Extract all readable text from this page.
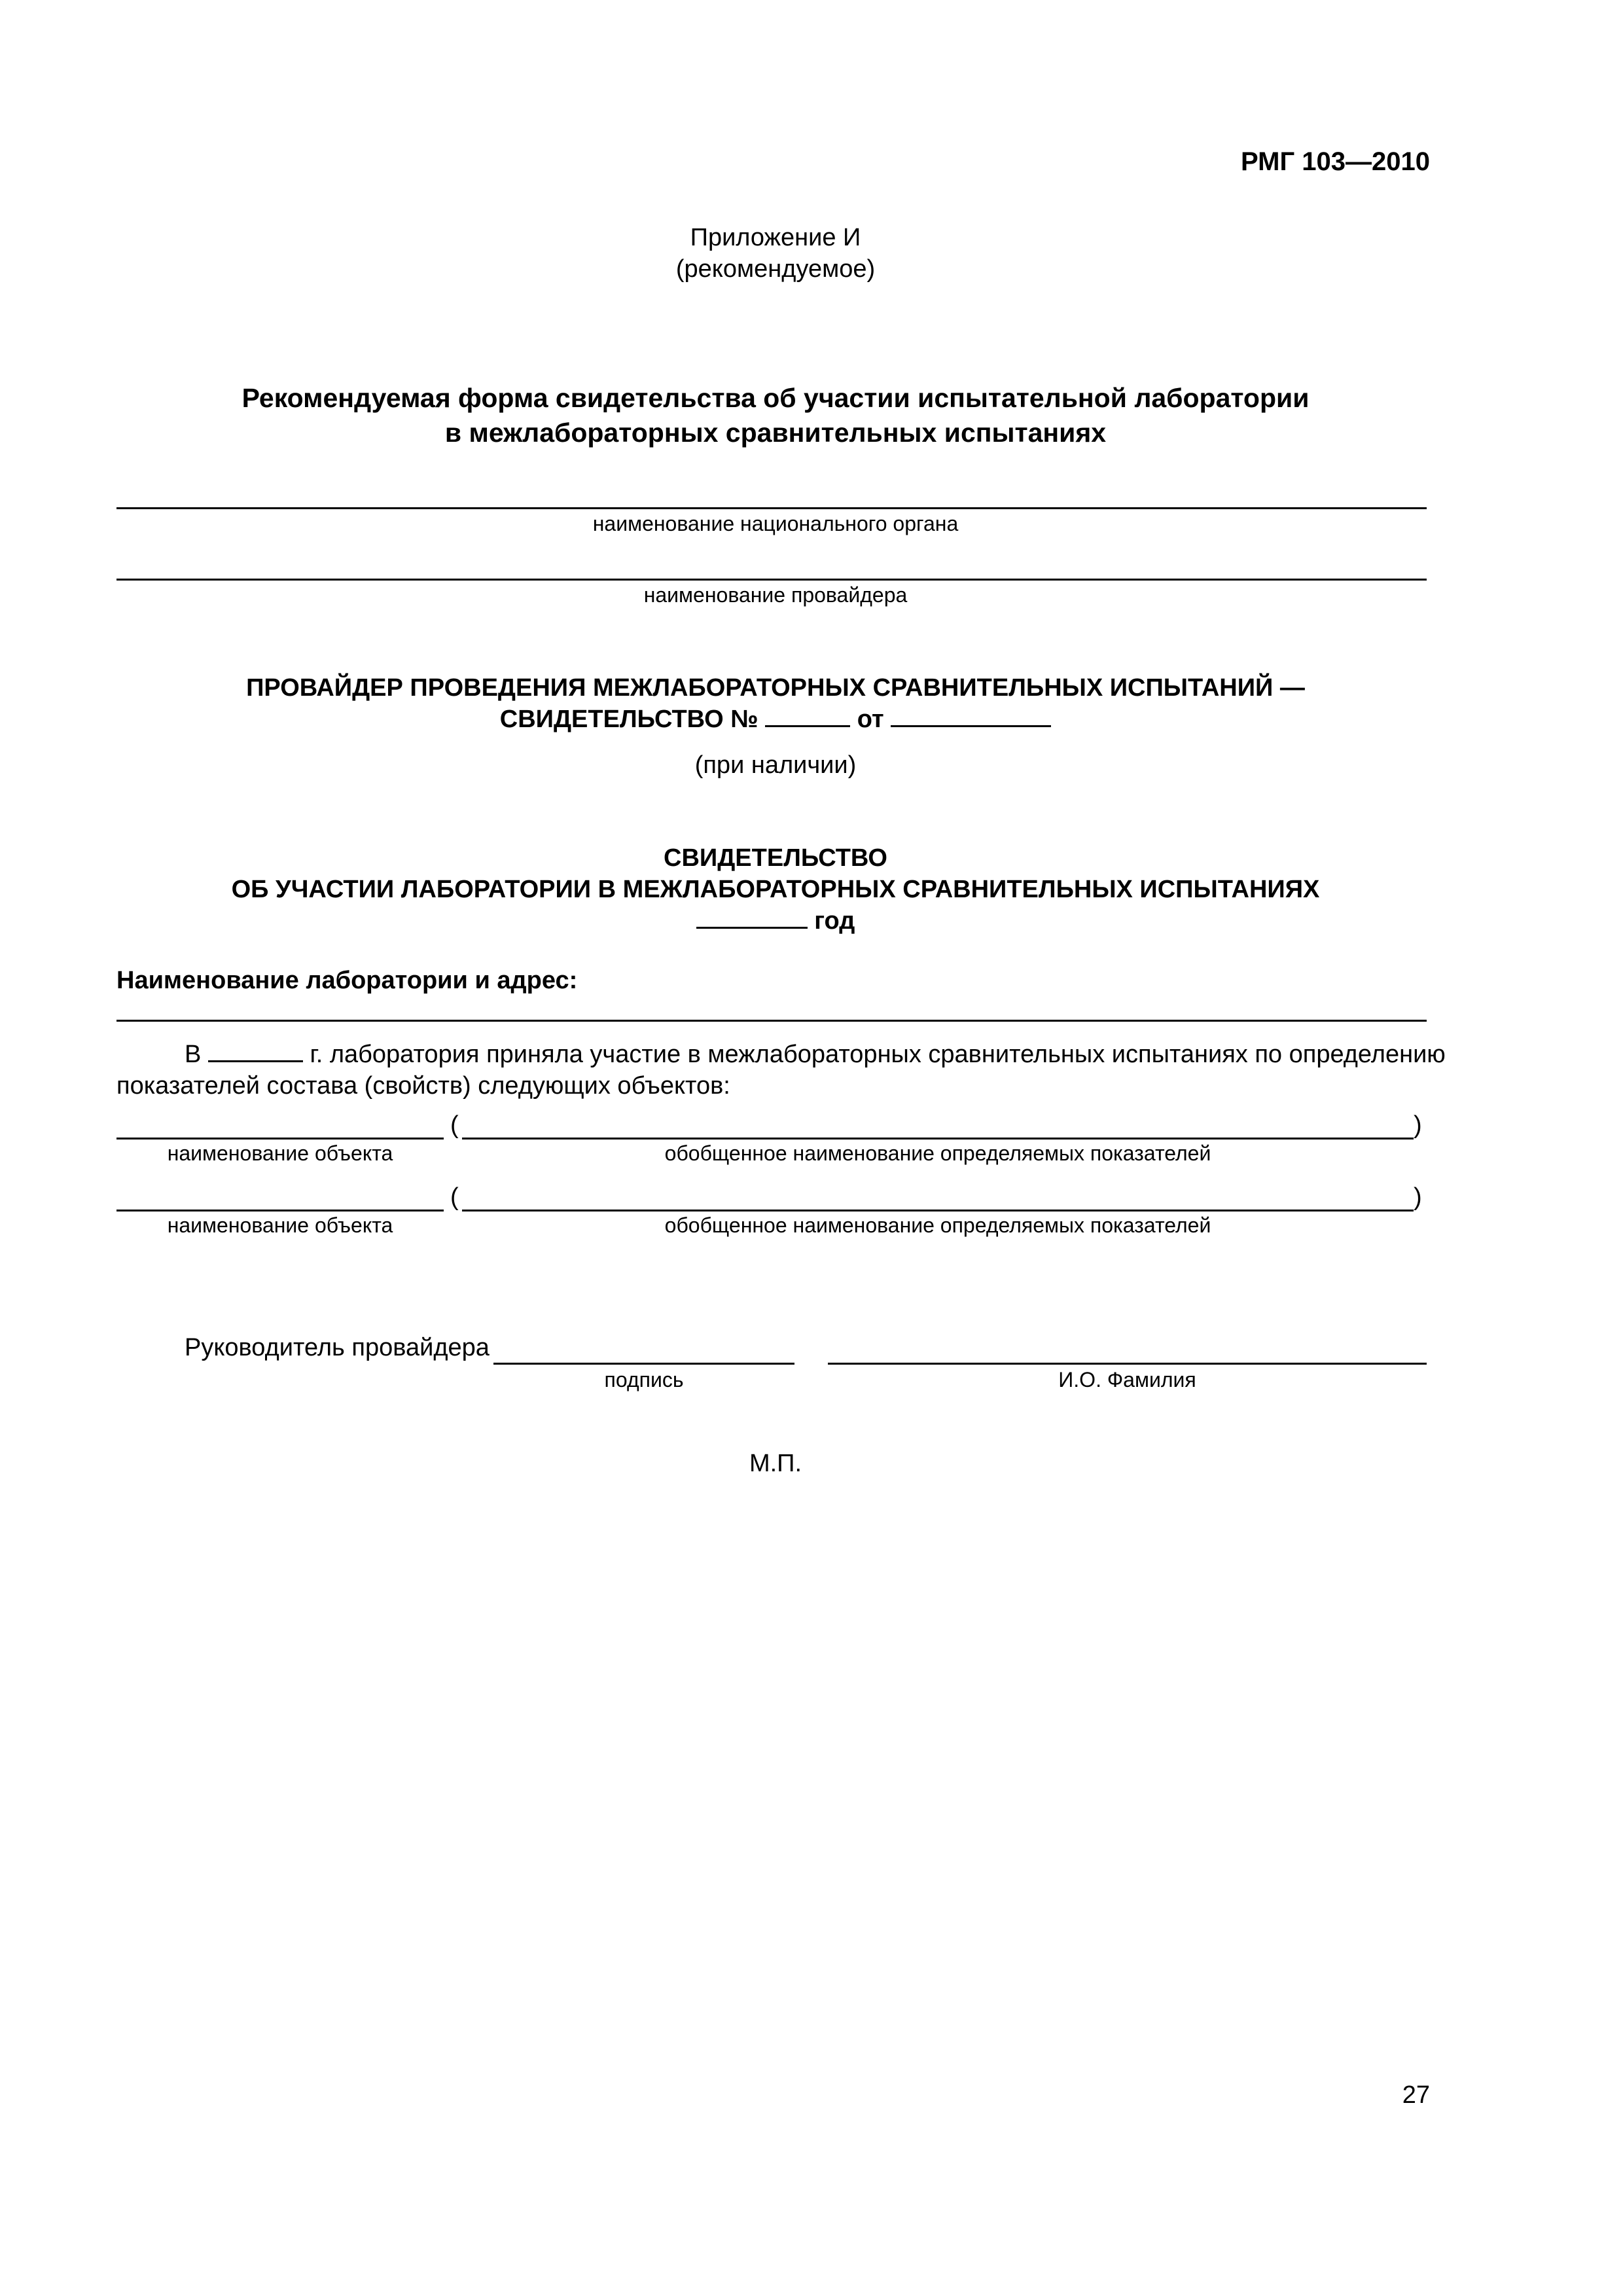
РМГ 103—2010
Приложение И
(рекомендуемое)
Рекомендуемая форма свидетельства об участии испытательной лаборатории
в межлабораторных сравнительных испытаниях
наименование национального органа
наименование провайдера
ПРОВАЙДЕР ПРОВЕДЕНИЯ МЕЖЛАБОРАТОРНЫХ СРАВНИТЕЛЬНЫХ ИСПЫТАНИЙ —
СВИДЕТЕЛЬСТВО №	от
(при наличии)
СВИДЕТЕЛЬСТВО
ОБ УЧАСТИИ ЛАБОРАТОРИИ В МЕЖЛАБОРАТОРНЫХ СРАВНИТЕЛЬНЫХ ИСПЫТАНИЯХ
год
Наименование лаборатории и адрес:
В	г. лаборатория приняла участие в межлабораторных сравнительных испытаниях по определению
показателей состава (свойств) следующих объектов:
(	)
наименование объекта	обобщенное наименование определяемых показателей
(	)
наименование объекта	обобщенное наименование определяемых показателей
Руководитель провайдера
подпись	И.О. Фамилия
М.П.
27
